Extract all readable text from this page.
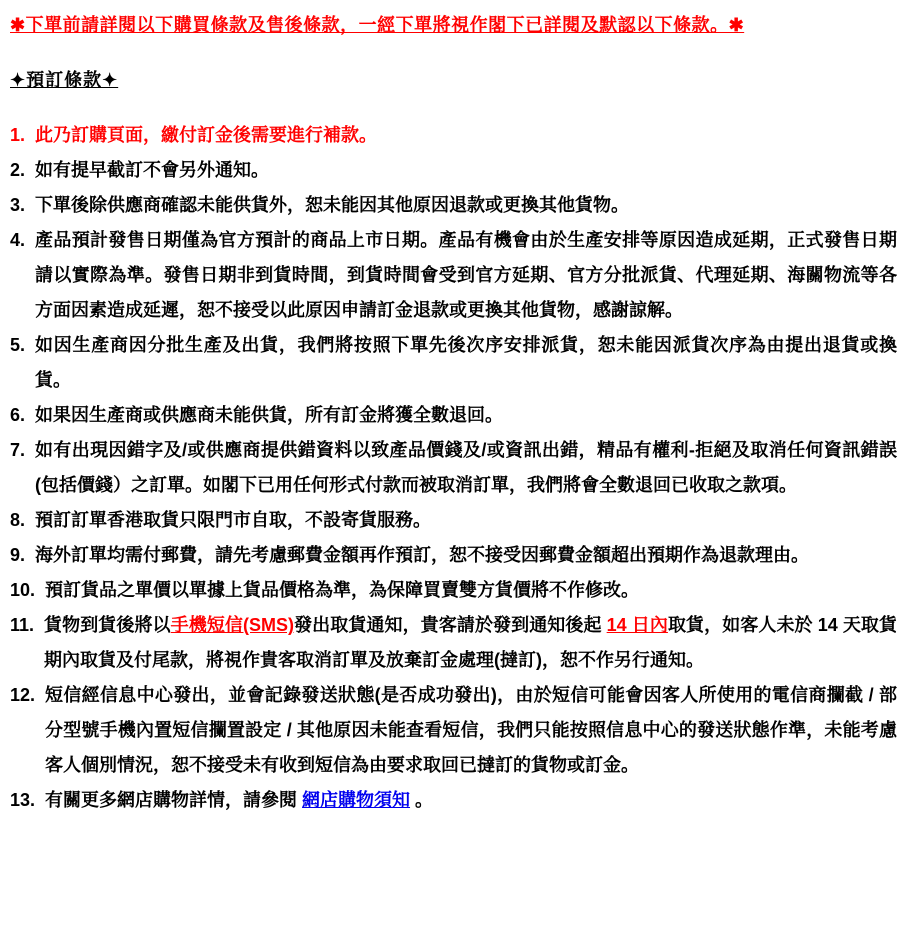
✱下單前請詳閱以下購買條款及售後條款，一經下單將視作閣下已詳閱及默認以下條款。✱
✦預訂條款✦
1. 此乃訂購頁面，繳付訂金後需要進行補款。
2. 如有提早截訂不會另外通知。
3. 下單後除供應商確認未能供貨外，恕未能因其他原因退款或更換其他貨物。
4. 產品預計發售日期僅為官方預計的商品上市日期。產品有機會由於生產安排等原因造成延期，正式發售日期請以實際為準。發售日期非到貨時間，到貨時間會受到官方延期、官方分批派貨、代理延期、海關物流等各方面因素造成延遲，恕不接受以此原因申請訂金退款或更換其他貨物，感謝諒解。
5. 如因生產商因分批生產及出貨，我們將按照下單先後次序安排派貨，恕未能因派貨次序為由提出退貨或換貨。
6. 如果因生產商或供應商未能供貨，所有訂金將獲全數退回。
7. 如有出現因錯字及/或供應商提供錯資料以致產品價錢及/或資訊出錯，精品有權利-拒絕及取消任何資訊錯誤(包括價錢）之訂單。如閣下已用任何形式付款而被取消訂單，我們將會全數退回已收取之款項。
8. 預訂訂單香港取貨只限門市自取，不設寄貨服務。
9. 海外訂單均需付郵費，請先考慮郵費金額再作預訂，恕不接受因郵費金額超出預期作為退款理由。
10. 預訂貨品之單價以單據上貨品價格為準，為保障買賣雙方貨價將不作修改。
11. 貨物到貨後將以手機短信(SMS)發出取貨通知，貴客請於發到通知後起 14 日內取貨，如客人未於 14 天取貨期內取貨及付尾款，將視作貴客取消訂單及放棄訂金處理(撻訂)，恕不作另行通知。
12. 短信經信息中心發出，並會記錄發送狀態(是否成功發出)，由於短信可能會因客人所使用的電信商攔截 / 部分型號手機內置短信攔置設定 / 其他原因未能查看短信，我們只能按照信息中心的發送狀態作準，未能考慮客人個別情況，恕不接受未有收到短信為由要求取回已撻訂的貨物或訂金。
13. 有關更多網店購物詳情，請參閱 網店購物須知 。
